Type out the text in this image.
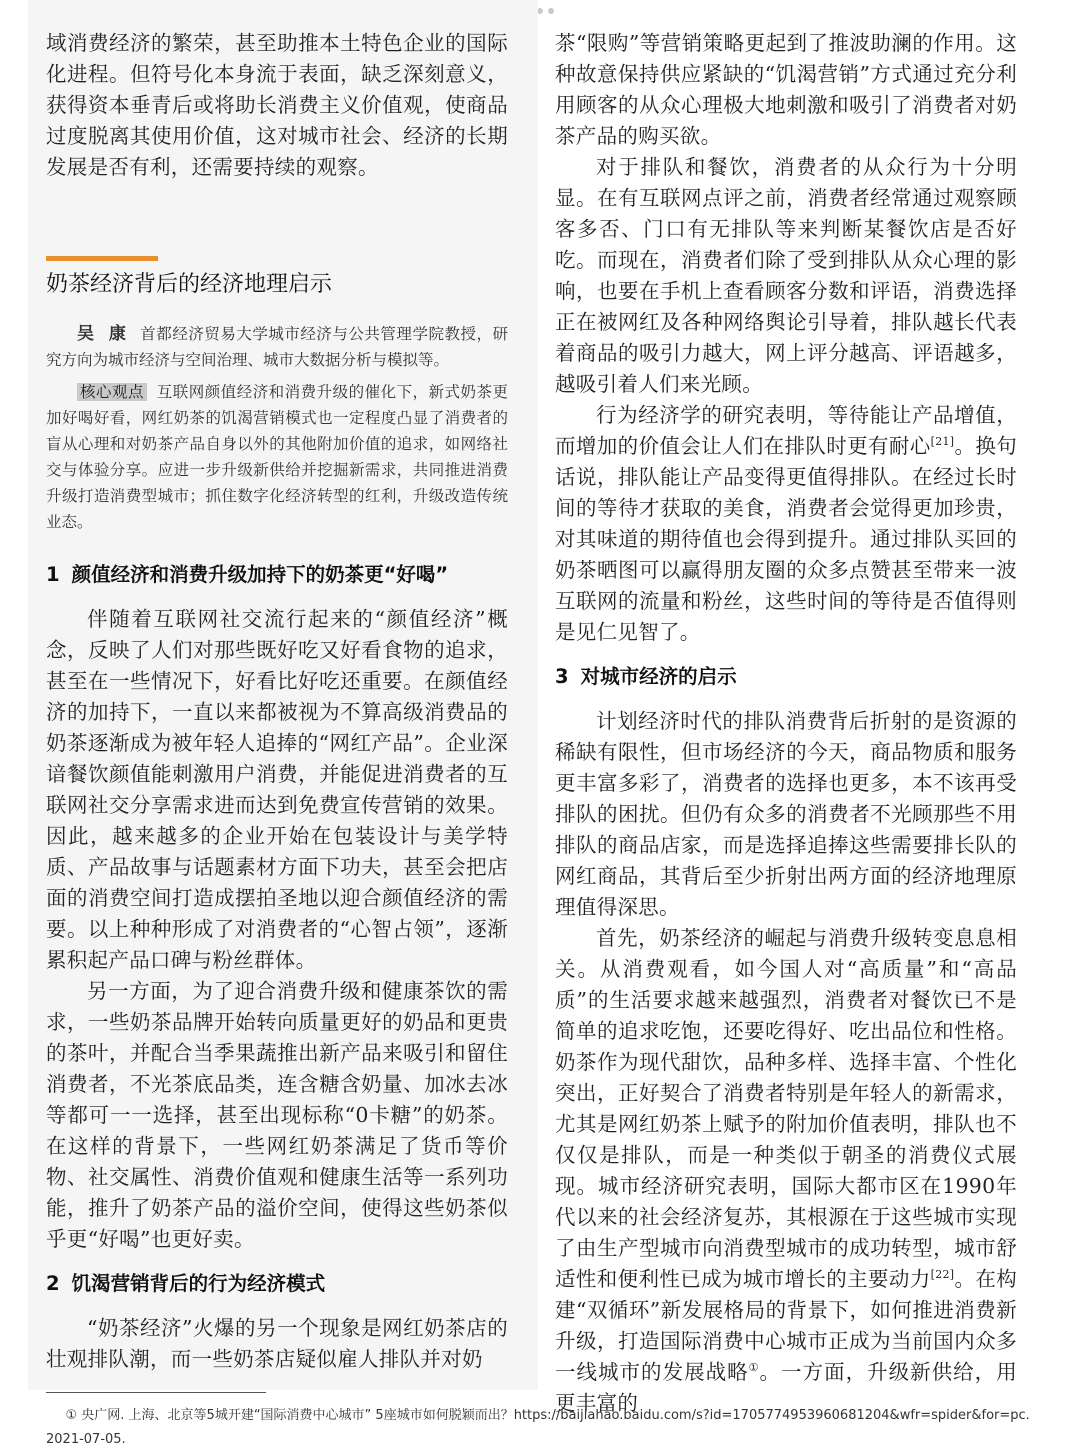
域消费经济的繁荣，甚至助推本土特色企业的国际化进程。但符号化本身流于表面，缺乏深刻意义，获得资本垂青后或将助长消费主义价值观，使商品过度脱离其使用价值，这对城市社会、经济的长期发展是否有利，还需要持续的观察。

奶茶经济背后的经济地理启示

吴 康 首都经济贸易大学城市经济与公共管理学院教授，研究方向为城市经济与空间治理、城市大数据分析与模拟等。

核心观点 互联网颜值经济和消费升级的催化下，新式奶茶更加好喝好看，网红奶茶的饥渴营销模式也一定程度凸显了消费者的盲从心理和对奶茶产品自身以外的其他附加价值的追求，如网络社交与体验分享。应进一步升级新供给并挖掘新需求，共同推进消费升级打造消费型城市；抓住数字化经济转型的红利，升级改造传统业态。

1 颜值经济和消费升级加持下的奶茶更“好喝”

伴随着互联网社交流行起来的“颜值经济”概念，反映了人们对那些既好吃又好看食物的追求，甚至在一些情况下，好看比好吃还重要。在颜值经济的加持下，一直以来都被视为不算高级消费品的奶茶逐渐成为被年轻人追捧的“网红产品”。企业深谙餐饮颜值能刺激用户消费，并能促进消费者的互联网社交分享需求进而达到免费宣传营销的效果。因此，越来越多的企业开始在包装设计与美学特质、产品故事与话题素材方面下功夫，甚至会把店面的消费空间打造成摆拍圣地以迎合颜值经济的需要。以上种种形成了对消费者的“心智占领”，逐渐累积起产品口碑与粉丝群体。

另一方面，为了迎合消费升级和健康茶饮的需求，一些奶茶品牌开始转向质量更好的奶品和更贵的茶叶，并配合当季果蔬推出新产品来吸引和留住消费者，不光茶底品类，连含糖含奶量、加冰去冰等都可一一选择，甚至出现标称“0卡糖”的奶茶。在这样的背景下，一些网红奶茶满足了货币等价物、社交属性、消费价值观和健康生活等一系列功能，推升了奶茶产品的溢价空间，使得这些奶茶似乎更“好喝”也更好卖。

2 饥渴营销背后的行为经济模式

“奶茶经济”火爆的另一个现象是网红奶茶店的壮观排队潮，而一些奶茶店疑似雇人排队并对奶

茶“限购”等营销策略更起到了推波助澜的作用。这种故意保持供应紧缺的“饥渴营销”方式通过充分利用顾客的从众心理极大地刺激和吸引了消费者对奶茶产品的购买欲。

对于排队和餐饮，消费者的从众行为十分明显。在有互联网点评之前，消费者经常通过观察顾客多否、门口有无排队等来判断某餐饮店是否好吃。而现在，消费者们除了受到排队从众心理的影响，也要在手机上查看顾客分数和评语，消费选择正在被网红及各种网络舆论引导着，排队越长代表着商品的吸引力越大，网上评分越高、评语越多，越吸引着人们来光顾。

行为经济学的研究表明，等待能让产品增值，而增加的价值会让人们在排队时更有耐心[21]。换句话说，排队能让产品变得更值得排队。在经过长时间的等待才获取的美食，消费者会觉得更加珍贵，对其味道的期待值也会得到提升。通过排队买回的奶茶晒图可以赢得朋友圈的众多点赞甚至带来一波互联网的流量和粉丝，这些时间的等待是否值得则是见仁见智了。

3 对城市经济的启示

计划经济时代的排队消费背后折射的是资源的稀缺有限性，但市场经济的今天，商品物质和服务更丰富多彩了，消费者的选择也更多，本不该再受排队的困扰。但仍有众多的消费者不光顾那些不用排队的商品店家，而是选择追捧这些需要排长队的网红商品，其背后至少折射出两方面的经济地理原理值得深思。

首先，奶茶经济的崛起与消费升级转变息息相关。从消费观看，如今国人对“高质量”和“高品质”的生活要求越来越强烈，消费者对餐饮已不是简单的追求吃饱，还要吃得好、吃出品位和性格。奶茶作为现代甜饮，品种多样、选择丰富、个性化突出，正好契合了消费者特别是年轻人的新需求，尤其是网红奶茶上赋予的附加价值表明，排队也不仅仅是排队，而是一种类似于朝圣的消费仪式展现。城市经济研究表明，国际大都市区在1990年代以来的社会经济复苏，其根源在于这些城市实现了由生产型城市向消费型城市的成功转型，城市舒适性和便利性已成为城市增长的主要动力[22]。在构建“双循环”新发展格局的背景下，如何推进消费新升级，打造国际消费中心城市正成为当前国内众多一线城市的发展战略①。一方面，升级新供给，用更丰富的

① 央广网. 上海、北京等5城开建“国际消费中心城市” 5座城市如何脱颖而出？https://baijiahao.baidu.com/s?id=1705774953960681204&wfr=spider&for=pc. 2021-07-05.
